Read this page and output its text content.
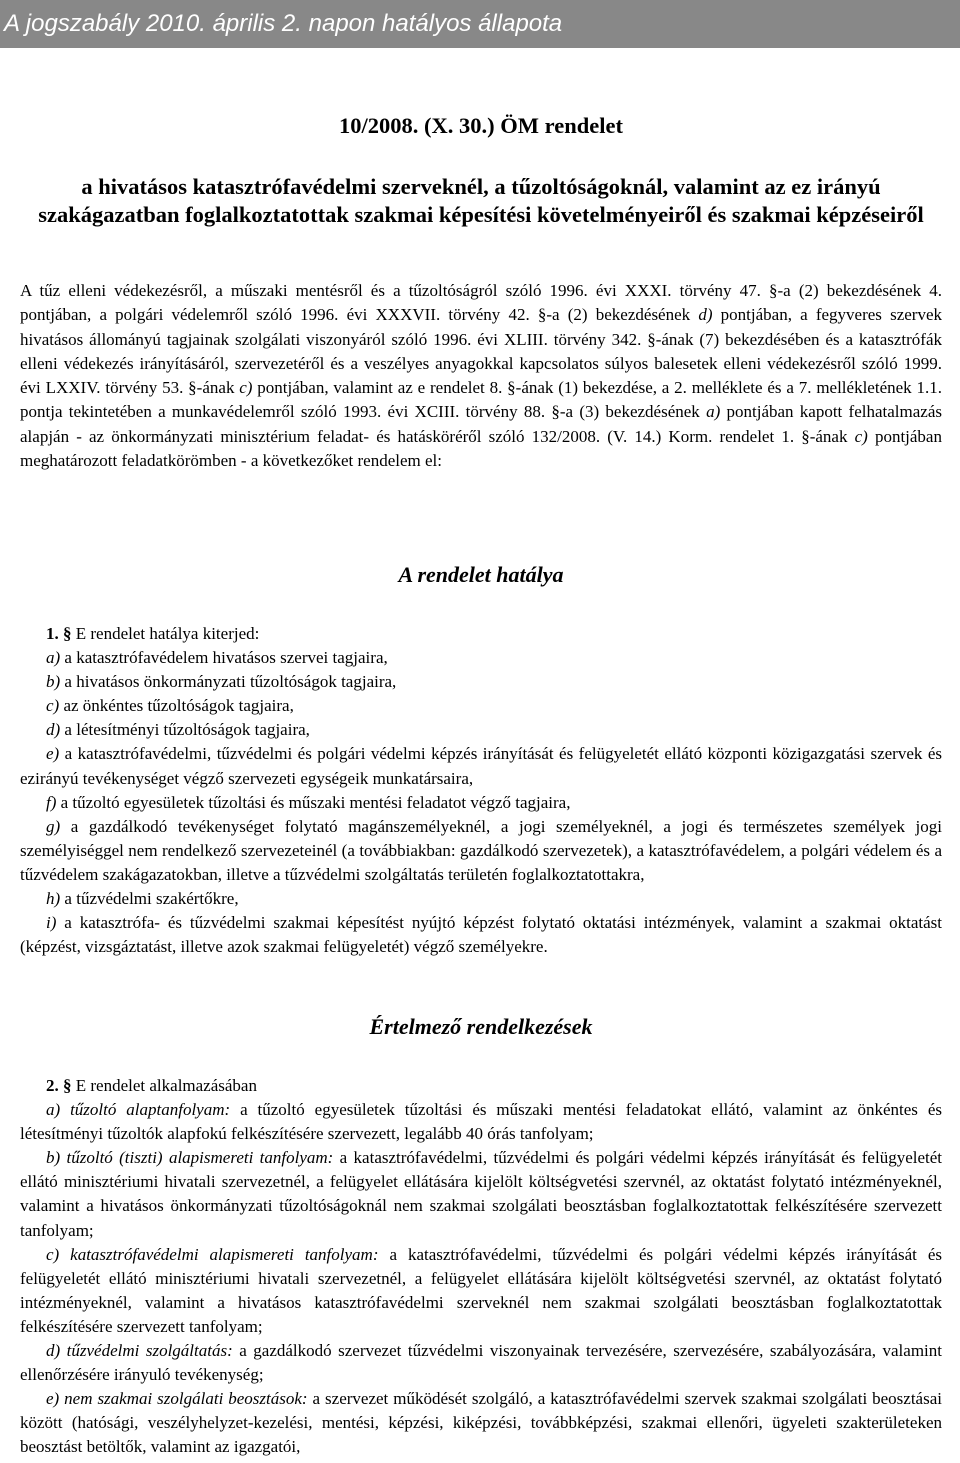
A jogszabály 2010. április 2. napon hatályos állapota
10/2008. (X. 30.) ÖM rendelet
a hivatásos katasztrófavédelmi szerveknél, a tűzoltóságoknál, valamint az ez irányú szakágazatban foglalkoztatottak szakmai képesítési követelményeiről és szakmai képzéseiről
A tűz elleni védekezésről, a műszaki mentésről és a tűzoltóságról szóló 1996. évi XXXI. törvény 47. §-a (2) bekezdésének 4. pontjában, a polgári védelemről szóló 1996. évi XXXVII. törvény 42. §-a (2) bekezdésének d) pontjában, a fegyveres szervek hivatásos állományú tagjainak szolgálati viszonyáról szóló 1996. évi XLIII. törvény 342. §-ának (7) bekezdésében és a katasztrófák elleni védekezés irányításáról, szervezetéről és a veszélyes anyagokkal kapcsolatos súlyos balesetek elleni védekezésről szóló 1999. évi LXXIV. törvény 53. §-ának c) pontjában, valamint az e rendelet 8. §-ának (1) bekezdése, a 2. melléklete és a 7. mellékletének 1.1. pontja tekintetében a munkavédelemről szóló 1993. évi XCIII. törvény 88. §-a (3) bekezdésének a) pontjában kapott felhatalmazás alapján - az önkormányzati minisztérium feladat- és hatásköréről szóló 132/2008. (V. 14.) Korm. rendelet 1. §-ának c) pontjában meghatározott feladatkörömben - a következőket rendelem el:
A rendelet hatálya

1. § E rendelet hatálya kiterjed:

a) a katasztrófavédelem hivatásos szervei tagjaira,

b) a hivatásos önkormányzati tűzoltóságok tagjaira,

c) az önkéntes tűzoltóságok tagjaira,

d) a létesítményi tűzoltóságok tagjaira,

e) a katasztrófavédelmi, tűzvédelmi és polgári védelmi képzés irányítását és felügyeletét ellátó központi közigazgatási szervek és ezirányú tevékenységet végző szervezeti egységeik munkatársaira,

f) a tűzoltó egyesületek tűzoltási és műszaki mentési feladatot végző tagjaira,

g) a gazdálkodó tevékenységet folytató magánszemélyeknél, a jogi személyeknél, a jogi és természetes személyek jogi személyiséggel nem rendelkező szervezeteinél (a továbbiakban: gazdálkodó szervezetek), a katasztrófavédelem, a polgári védelem és a tűzvédelem szakágazatokban, illetve a tűzvédelmi szolgáltatás területén foglalkoztatottakra,

h) a tűzvédelmi szakértőkre,

i) a katasztrófa- és tűzvédelmi szakmai képesítést nyújtó képzést folytató oktatási intézmények, valamint a szakmai oktatást (képzést, vizsgáztatást, illetve azok szakmai felügyeletét) végző személyekre.

Értelmező rendelkezések

2. § E rendelet alkalmazásában

a) tűzoltó alaptanfolyam: a tűzoltó egyesületek tűzoltási és műszaki mentési feladatokat ellátó, valamint az önkéntes és létesítményi tűzoltók alapfokú felkészítésére szervezett, legalább 40 órás tanfolyam;

b) tűzoltó (tiszti) alapismereti tanfolyam: a katasztrófavédelmi, tűzvédelmi és polgári védelmi képzés irányítását és felügyeletét ellátó minisztériumi hivatali szervezetnél, a felügyelet ellátására kijelölt költségvetési szervnél, az oktatást folytató intézményeknél, valamint a hivatásos önkormányzati tűzoltóságoknál nem szakmai szolgálati beosztásban foglalkoztatottak felkészítésére szervezett tanfolyam;

c) katasztrófavédelmi alapismereti tanfolyam: a katasztrófavédelmi, tűzvédelmi és polgári védelmi képzés irányítását és felügyeletét ellátó minisztériumi hivatali szervezetnél, a felügyelet ellátására kijelölt költségvetési szervnél, az oktatást folytató intézményeknél, valamint a hivatásos katasztrófavédelmi szerveknél nem szakmai szolgálati beosztásban foglalkoztatottak felkészítésére szervezett tanfolyam;

d) tűzvédelmi szolgáltatás: a gazdálkodó szervezet tűzvédelmi viszonyainak tervezésére, szervezésére, szabályozására, valamint ellenőrzésére irányuló tevékenység;

e) nem szakmai szolgálati beosztások: a szervezet működését szolgáló, a katasztrófavédelmi szervek szakmai szolgálati beosztásai között (hatósági, veszélyhelyzet-kezelési, mentési, képzési, kiképzési, továbbképzési, szakmai ellenőri, ügyeleti szakterületeken beosztást betöltők, valamint az igazgatói,
